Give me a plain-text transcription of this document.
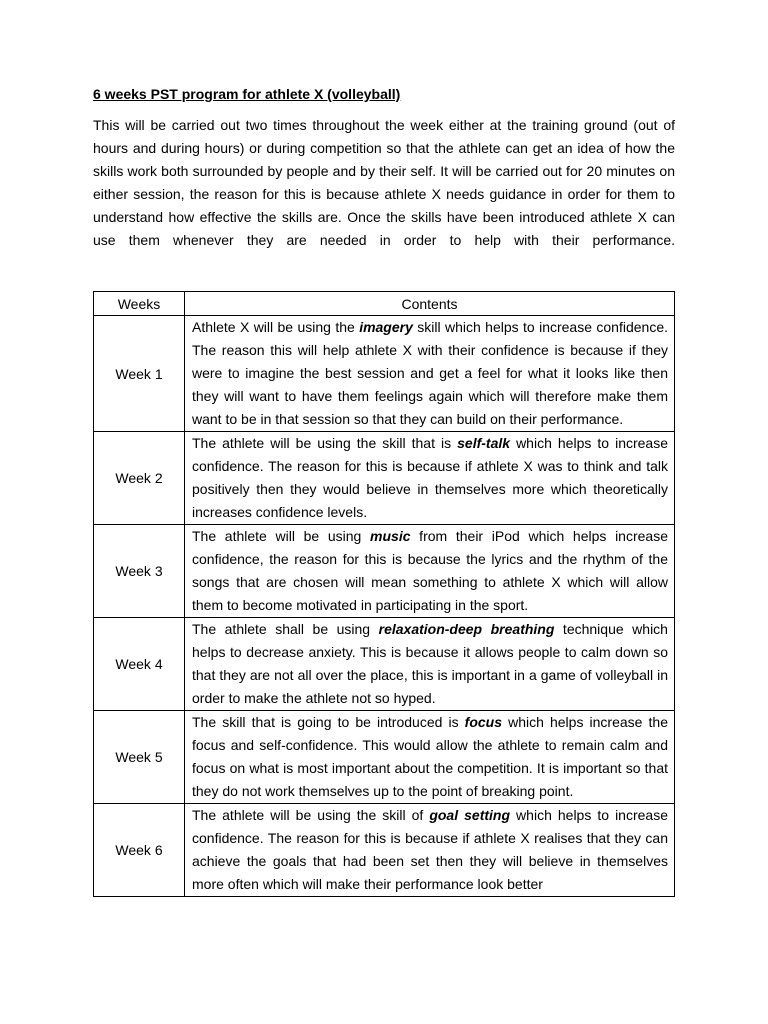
6 weeks PST program for athlete X (volleyball)

This will be carried out two times throughout the week either at the training ground (out of hours and during hours) or during competition so that the athlete can get an idea of how the skills work both surrounded by people and by their self. It will be carried out for 20 minutes on either session, the reason for this is because athlete X needs guidance in order for them to understand how effective the skills are. Once the skills have been introduced athlete X can use them whenever they are needed in order to help with their performance.

Weeks	Contents
Week 1	Athlete X will be using the imagery skill which helps to increase confidence. The reason this will help athlete X with their confidence is because if they were to imagine the best session and get a feel for what it looks like then they will want to have them feelings again which will therefore make them want to be in that session so that they can build on their performance.
Week 2	The athlete will be using the skill that is self-talk which helps to increase confidence. The reason for this is because if athlete X was to think and talk positively then they would believe in themselves more which theoretically increases confidence levels.
Week 3	The athlete will be using music from their iPod which helps increase confidence, the reason for this is because the lyrics and the rhythm of the songs that are chosen will mean something to athlete X which will allow them to become motivated in participating in the sport.
Week 4	The athlete shall be using relaxation-deep breathing technique which helps to decrease anxiety. This is because it allows people to calm down so that they are not all over the place, this is important in a game of volleyball in order to make the athlete not so hyped.
Week 5	The skill that is going to be introduced is focus which helps increase the focus and self-confidence. This would allow the athlete to remain calm and focus on what is most important about the competition. It is important so that they do not work themselves up to the point of breaking point.
Week 6	The athlete will be using the skill of goal setting which helps to increase confidence. The reason for this is because if athlete X realises that they can achieve the goals that had been set then they will believe in themselves more often which will make their performance look better
